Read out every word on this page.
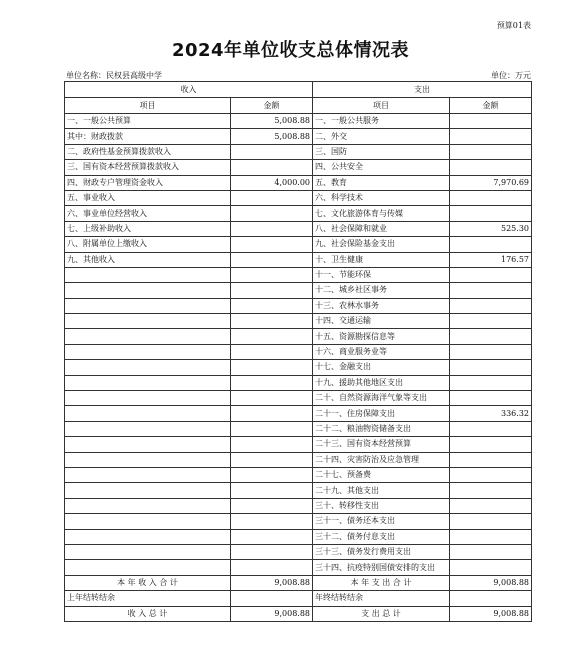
预算01表
2024年单位收支总体情况表
单位名称：民权县高级中学	单位：万元
收入		支出	
项目	金额	项目	金额
一、一般公共预算	5,008.88	一、一般公共服务	
其中：财政拨款	5,008.88	二、外交	
二、政府性基金预算拨款收入		三、国防	
三、国有资本经营预算拨款收入		四、公共安全	
四、财政专户管理资金收入	4,000.00	五、教育	7,970.69
五、事业收入		六、科学技术	
六、事业单位经营收入		七、文化旅游体育与传媒	
七、上级补助收入		八、社会保障和就业	525.30
八、附属单位上缴收入		九、社会保险基金支出	
九、其他收入		十、卫生健康	176.57
		十一、节能环保	
		十二、城乡社区事务	
		十三、农林水事务	
		十四、交通运输	
		十五、资源勘探信息等	
		十六、商业服务业等	
		十七、金融支出	
		十九、援助其他地区支出	
		二十、自然资源海洋气象等支出	
		二十一、住房保障支出	336.32
		二十二、粮油物资储备支出	
		二十三、国有资本经营预算	
		二十四、灾害防治及应急管理	
		二十七、预备费	
		二十九、其他支出	
		三十、转移性支出	
		三十一、债务还本支出	
		三十二、债务付息支出	
		三十三、债务发行费用支出	
		三十四、抗疫特别国债安排的支出	
本 年 收 入 合 计	9,008.88	本 年 支 出 合 计	9,008.88
上年结转结余		年终结转结余	
收 入 总 计	9,008.88	支 出 总 计	9,008.88
